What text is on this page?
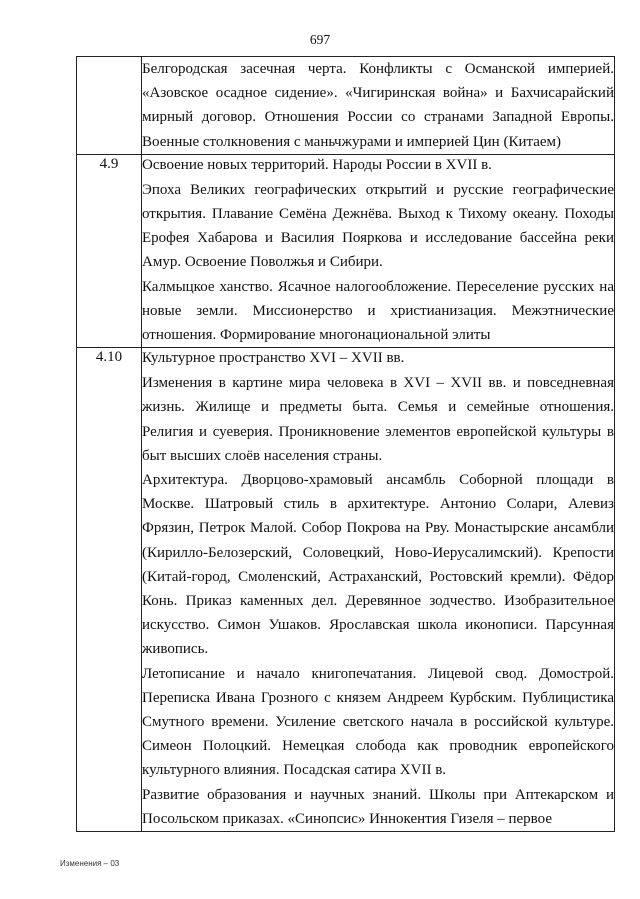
697

	Белгородская засечная черта. Конфликты с Османской империей. «Азовское осадное сидение». «Чигиринская война» и Бахчисарайский мирный договор. Отношения России со странами Западной Европы. Военные столкновения с маньчжурами и империей Цин (Китаем)

4.9	Освоение новых территорий. Народы России в XVII в.

Эпоха Великих географических открытий и русские географические открытия. Плавание Семёна Дежнёва. Выход к Тихому океану. Походы Ерофея Хабарова и Василия Пояркова и исследование бассейна реки Амур. Освоение Поволжья и Сибири.

Калмыцкое ханство. Ясачное налогообложение. Переселение русских на новые земли. Миссионерство и христианизация. Межэтнические отношения. Формирование многонациональной элиты

4.10	Культурное пространство XVI – XVII вв.

Изменения в картине мира человека в XVI – XVII вв. и повседневная жизнь. Жилище и предметы быта. Семья и семейные отношения. Религия и суеверия. Проникновение элементов европейской культуры в быт высших слоёв населения страны.

Архитектура. Дворцово-храмовый ансамбль Соборной площади в Москве. Шатровый стиль в архитектуре. Антонио Солари, Алевиз Фрязин, Петрок Малой. Собор Покрова на Рву. Монастырские ансамбли (Кирилло-Белозерский, Соловецкий, Ново-Иерусалимский). Крепости (Китай-город, Смоленский, Астраханский, Ростовский кремли). Фёдор Конь. Приказ каменных дел. Деревянное зодчество. Изобразительное искусство. Симон Ушаков. Ярославская школа иконописи. Парсунная живопись.

Летописание и начало книгопечатания. Лицевой свод. Домострой. Переписка Ивана Грозного с князем Андреем Курбским. Публицистика Смутного времени. Усиление светского начала в российской культуре. Симеон Полоцкий. Немецкая слобода как проводник европейского культурного влияния. Посадская сатира XVII в.

Развитие образования и научных знаний. Школы при Аптекарском и Посольском приказах. «Синопсис» Иннокентия Гизеля – первое

Изменения – 03
